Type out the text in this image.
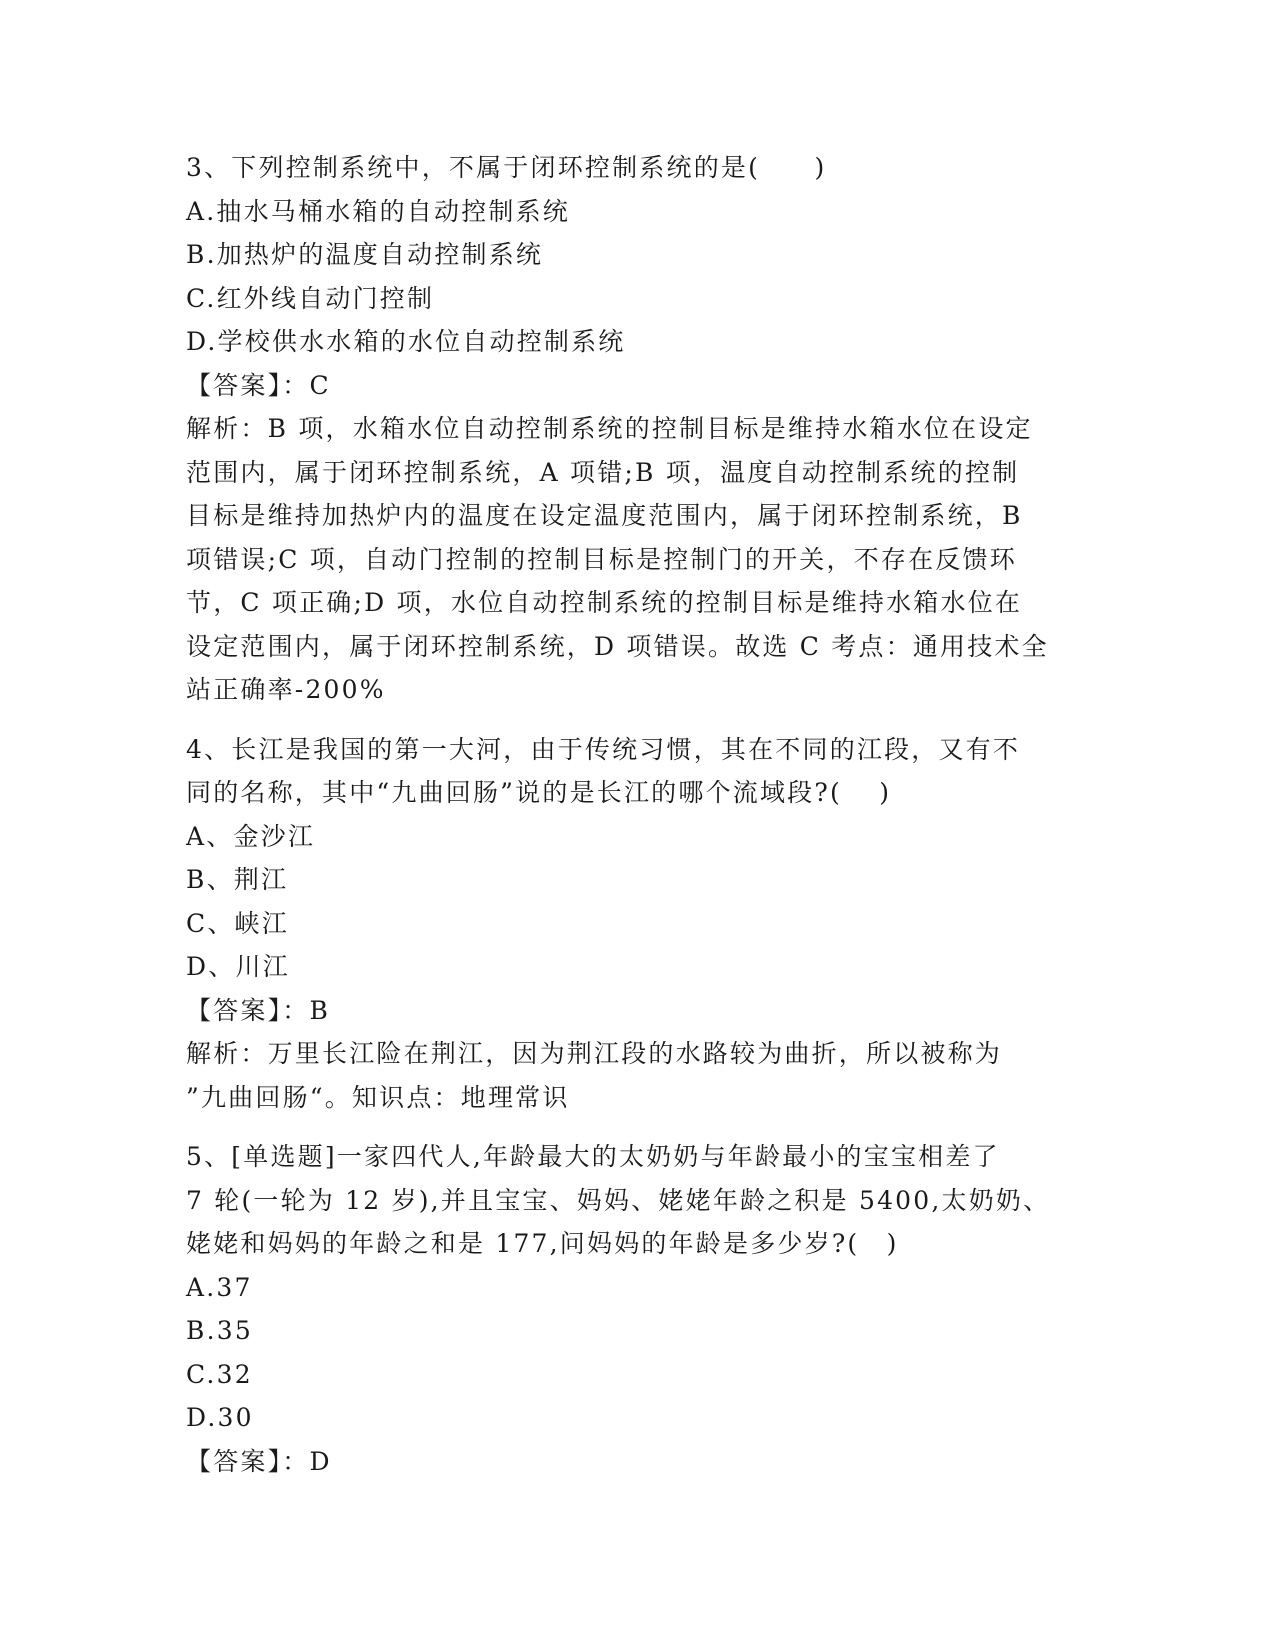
3、下列控制系统中，不属于闭环控制系统的是(　　)
A.抽水马桶水箱的自动控制系统
B.加热炉的温度自动控制系统
C.红外线自动门控制
D.学校供水水箱的水位自动控制系统
【答案】：C
解析：B 项，水箱水位自动控制系统的控制目标是维持水箱水位在设定
范围内，属于闭环控制系统，A 项错;B 项，温度自动控制系统的控制
目标是维持加热炉内的温度在设定温度范围内，属于闭环控制系统，B
项错误;C 项，自动门控制的控制目标是控制门的开关，不存在反馈环
节，C 项正确;D 项，水位自动控制系统的控制目标是维持水箱水位在
设定范围内，属于闭环控制系统，D 项错误。故选 C 考点：通用技术全
站正确率-200%
4、长江是我国的第一大河，由于传统习惯，其在不同的江段，又有不
同的名称，其中“九曲回肠”说的是长江的哪个流域段?(　 )
A、金沙江
B、荆江
C、峡江
D、川江
【答案】：B
解析：万里长江险在荆江，因为荆江段的水路较为曲折，所以被称为
”九曲回肠“。知识点：地理常识
5、[单选题]一家四代人,年龄最大的太奶奶与年龄最小的宝宝相差了
7 轮(一轮为 12 岁),并且宝宝、妈妈、姥姥年龄之积是 5400,太奶奶、
姥姥和妈妈的年龄之和是 177,问妈妈的年龄是多少岁?(　)
A.37
B.35
C.32
D.30
【答案】：D
